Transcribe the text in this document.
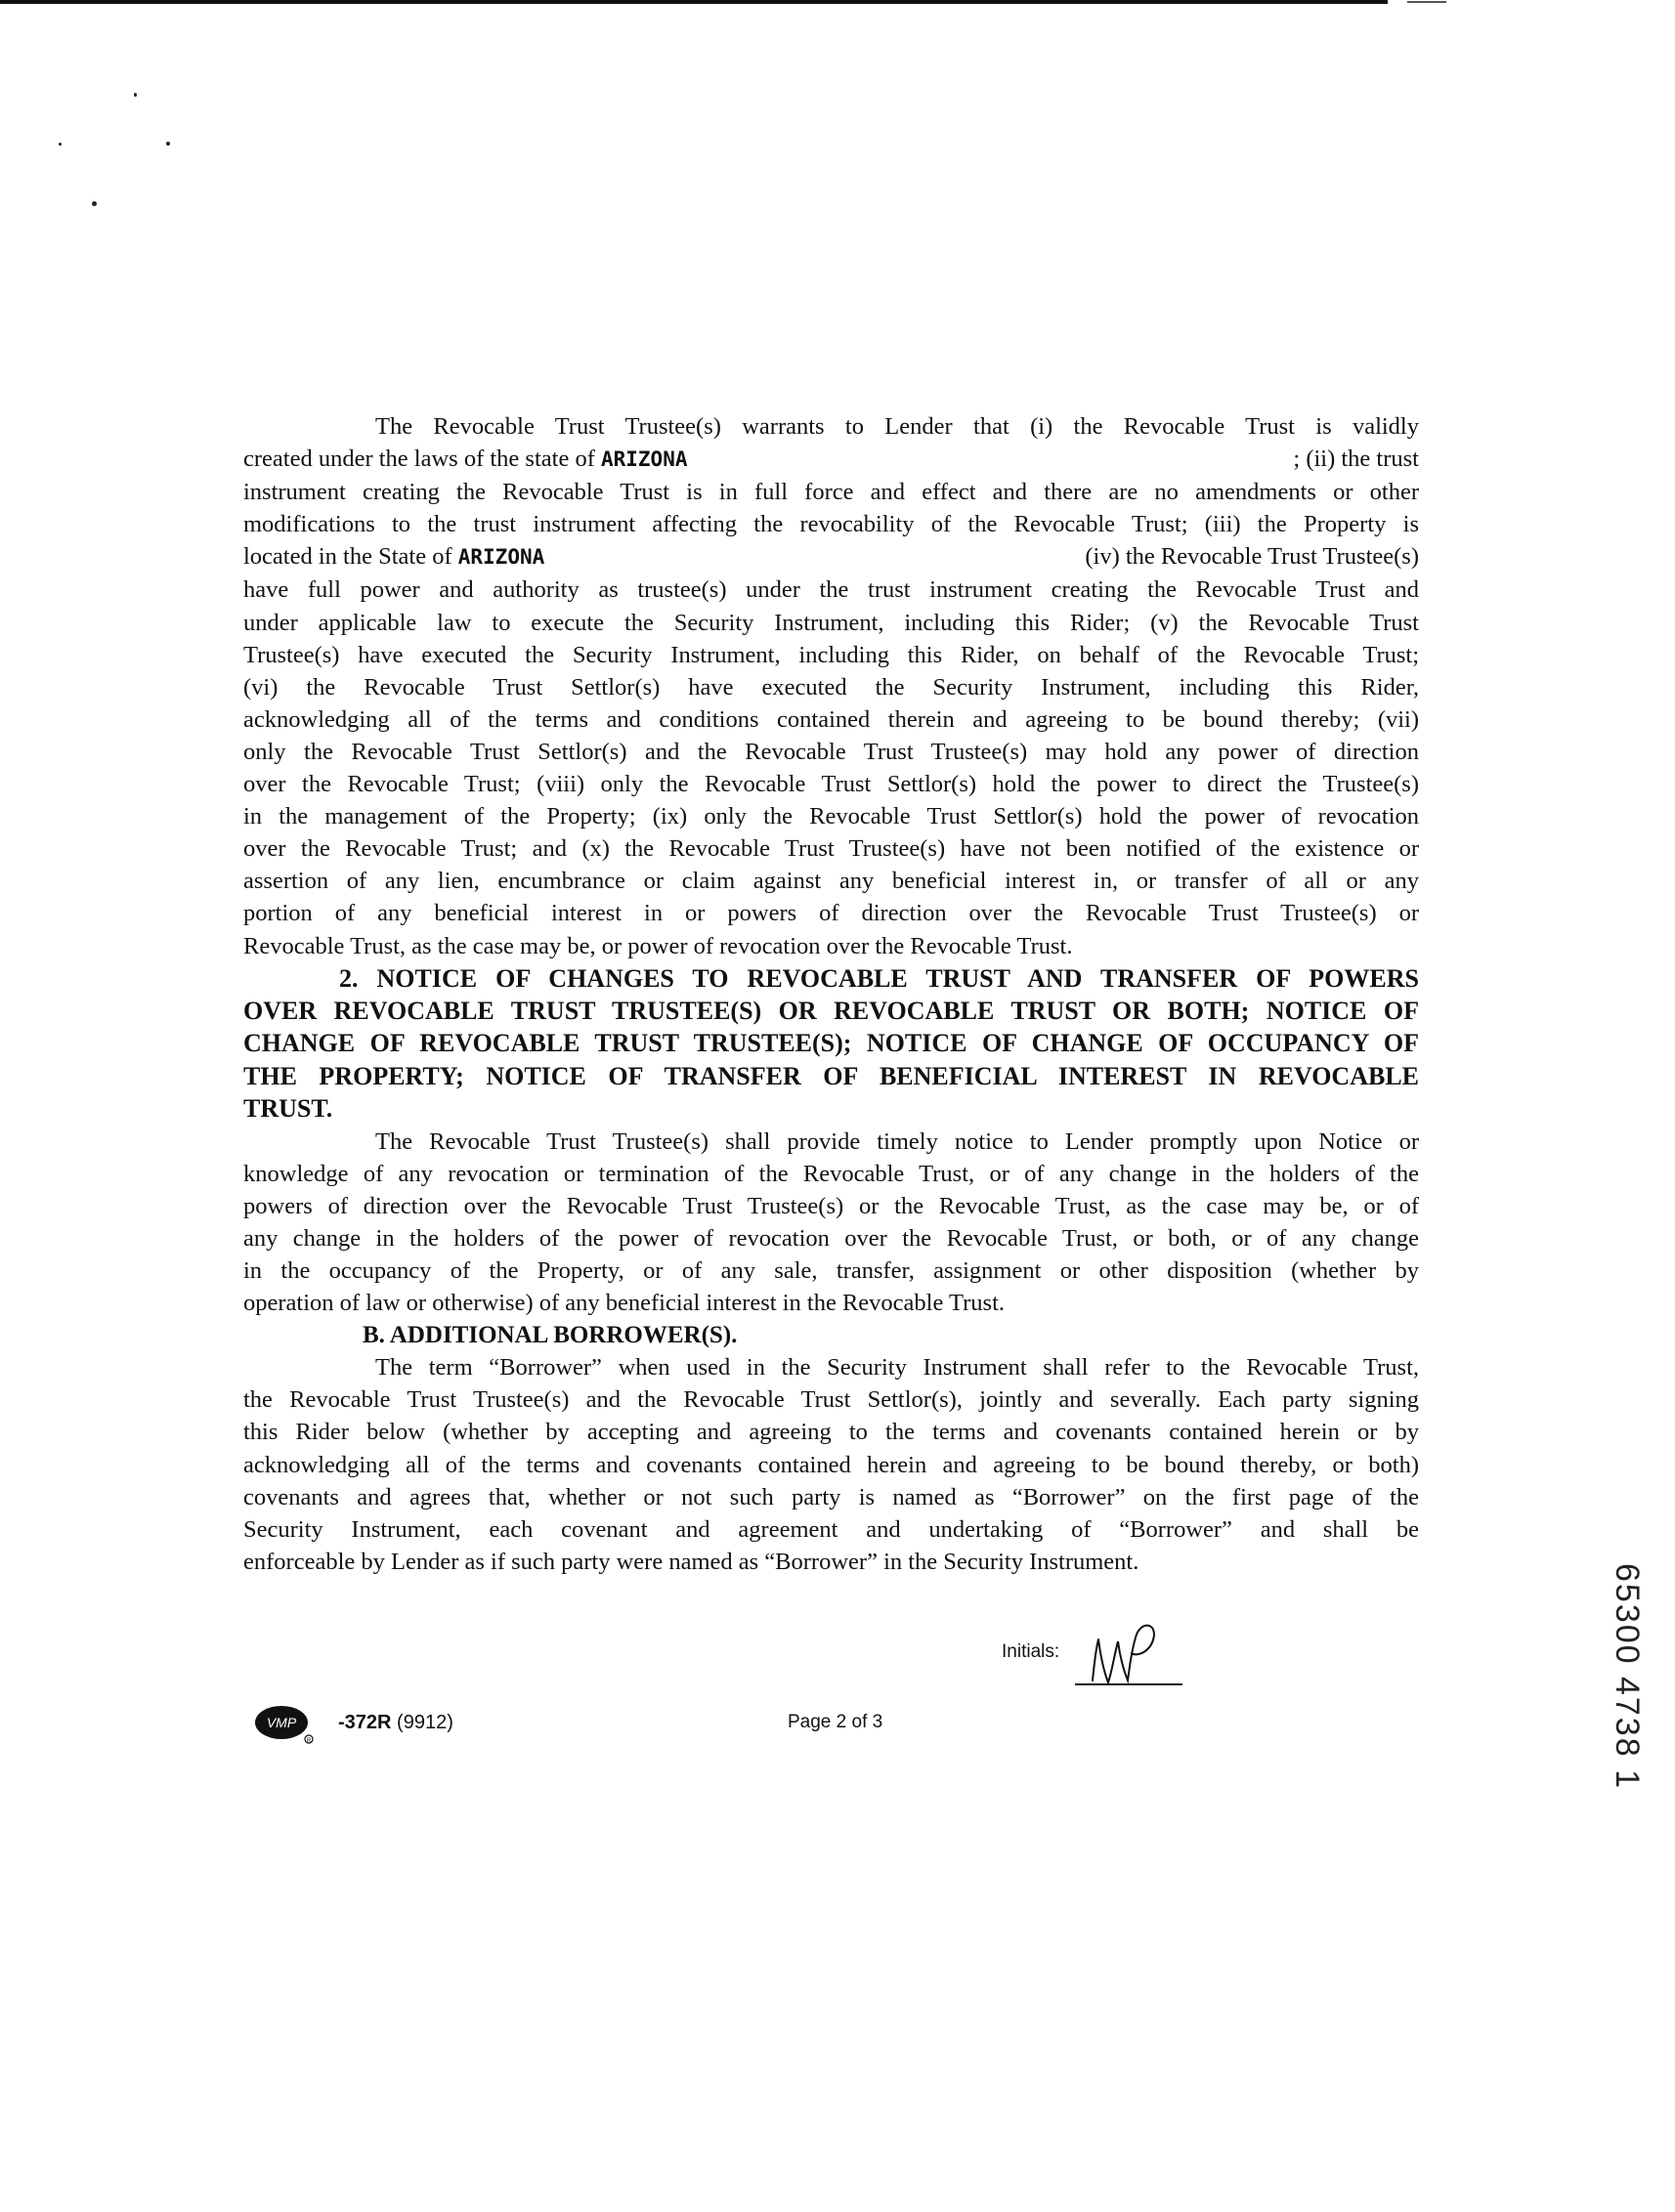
The Revocable Trust Trustee(s) warrants to Lender that (i) the Revocable Trust is validly
created under the laws of the state of ARIZONA	; (ii) the trust
instrument creating the Revocable Trust is in full force and effect and there are no amendments or other
modifications to the trust instrument affecting the revocability of the Revocable Trust; (iii) the Property is
located in the State of ARIZONA	(iv) the Revocable Trust Trustee(s)
have full power and authority as trustee(s) under the trust instrument creating the Revocable Trust and
under applicable law to execute the Security Instrument, including this Rider; (v) the Revocable Trust
Trustee(s) have executed the Security Instrument, including this Rider, on behalf of the Revocable Trust;
(vi) the Revocable Trust Settlor(s) have executed the Security Instrument, including this Rider,
acknowledging all of the terms and conditions contained therein and agreeing to be bound thereby; (vii)
only the Revocable Trust Settlor(s) and the Revocable Trust Trustee(s) may hold any power of direction
over the Revocable Trust; (viii) only the Revocable Trust Settlor(s) hold the power to direct the Trustee(s)
in the management of the Property; (ix) only the Revocable Trust Settlor(s) hold the power of revocation
over the Revocable Trust; and (x) the Revocable Trust Trustee(s) have not been notified of the existence or
assertion of any lien, encumbrance or claim against any beneficial interest in, or transfer of all or any
portion of any beneficial interest in or powers of direction over the Revocable Trust Trustee(s) or
Revocable Trust, as the case may be, or power of revocation over the Revocable Trust.

2. NOTICE OF CHANGES TO REVOCABLE TRUST AND TRANSFER OF POWERS
OVER REVOCABLE TRUST TRUSTEE(S) OR REVOCABLE TRUST OR BOTH; NOTICE OF
CHANGE OF REVOCABLE TRUST TRUSTEE(S); NOTICE OF CHANGE OF OCCUPANCY OF
THE PROPERTY; NOTICE OF TRANSFER OF BENEFICIAL INTEREST IN REVOCABLE
TRUST.

The Revocable Trust Trustee(s) shall provide timely notice to Lender promptly upon Notice or
knowledge of any revocation or termination of the Revocable Trust, or of any change in the holders of the
powers of direction over the Revocable Trust Trustee(s) or the Revocable Trust, as the case may be, or of
any change in the holders of the power of revocation over the Revocable Trust, or both, or of any change
in the occupancy of the Property, or of any sale, transfer, assignment or other disposition (whether by
operation of law or otherwise) of any beneficial interest in the Revocable Trust.

B. ADDITIONAL BORROWER(S).

The term “Borrower” when used in the Security Instrument shall refer to the Revocable Trust,
the Revocable Trust Trustee(s) and the Revocable Trust Settlor(s), jointly and severally. Each party signing
this Rider below (whether by accepting and agreeing to the terms and covenants contained herein or by
acknowledging all of the terms and covenants contained herein and agreeing to be bound thereby, or both)
covenants and agrees that, whether or not such party is named as “Borrower” on the first page of the
Security Instrument, each covenant and agreement and undertaking of “Borrower” and shall be
enforceable by Lender as if such party were named as “Borrower” in the Security Instrument.

Initials:
VMP
R
-372R (9912)	Page 2 of 3	65300 4738 1
